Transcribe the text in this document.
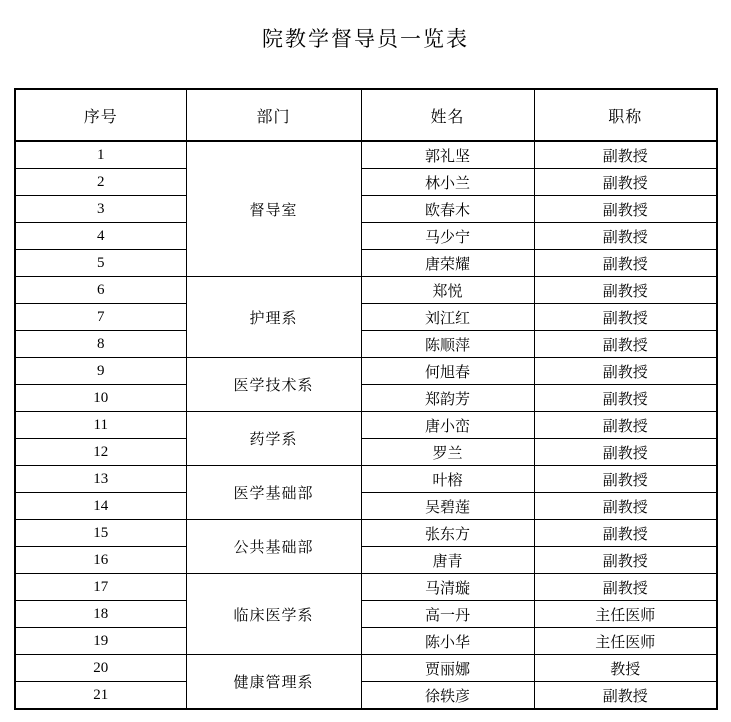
院教学督导员一览表
序号	部门	姓名	职称
1	督导室	郭礼坚	副教授
2		林小兰	副教授
3		欧春木	副教授
4		马少宁	副教授
5		唐荣耀	副教授
6	护理系	郑悦	副教授
7		刘江红	副教授
8		陈顺萍	副教授
9	医学技术系	何旭春	副教授
10		郑韵芳	副教授
11	药学系	唐小峦	副教授
12		罗兰	副教授
13	医学基础部	叶榕	副教授
14		吴碧莲	副教授
15	公共基础部	张东方	副教授
16		唐青	副教授
17	临床医学系	马清璇	副教授
18		高一丹	主任医师
19		陈小华	主任医师
20	健康管理系	贾丽娜	教授
21		徐轶彦	副教授
